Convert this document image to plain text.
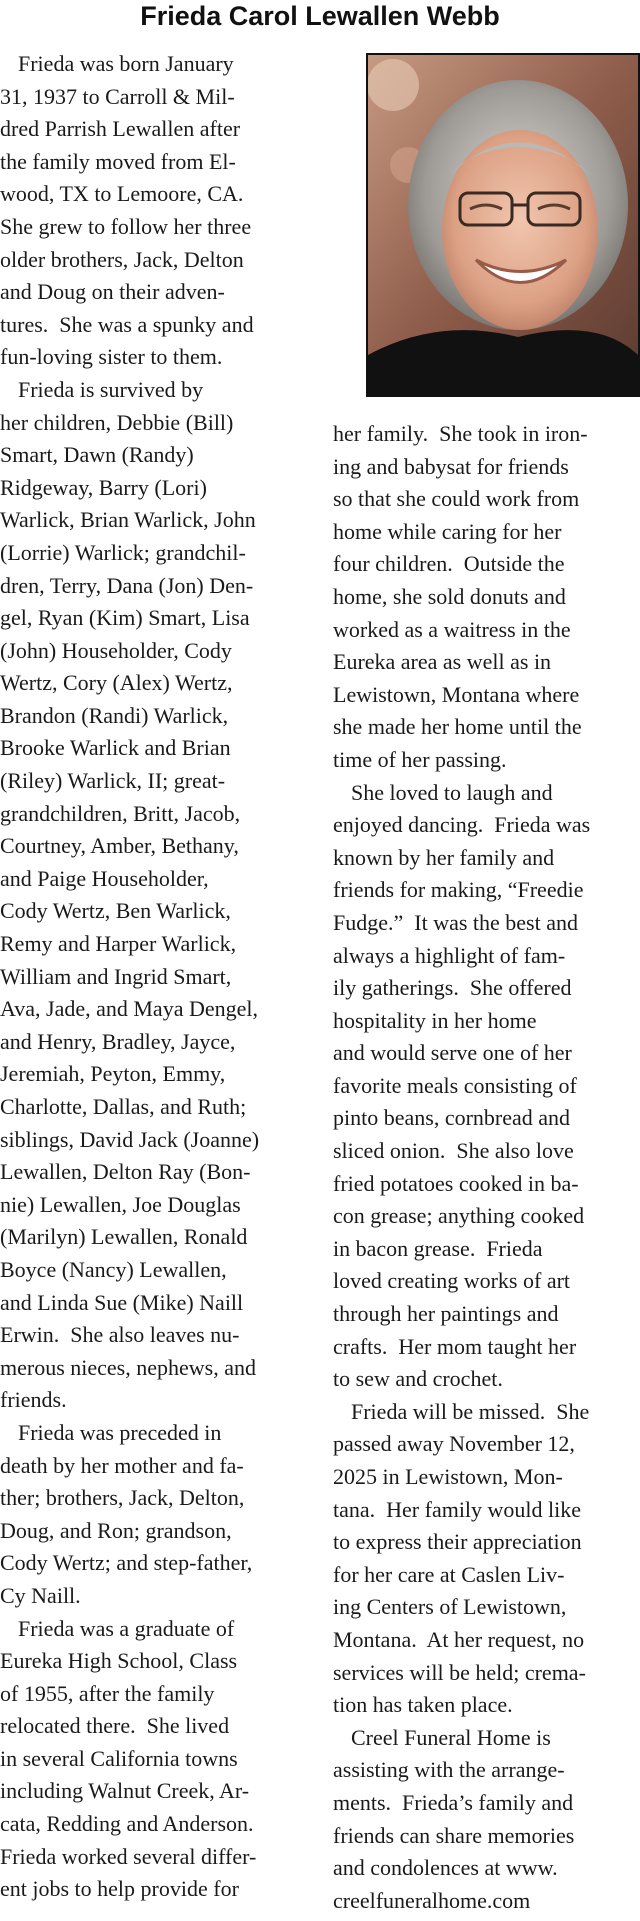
Frieda Carol Lewallen Webb
Frieda was born January
31, 1937 to Carroll & Mil-
dred Parrish Lewallen after
the family moved from El-
wood, TX to Lemoore, CA.
She grew to follow her three
older brothers, Jack, Delton
and Doug on their adven-
tures.  She was a spunky and
fun-loving sister to them.
Frieda is survived by
her children, Debbie (Bill)
Smart, Dawn (Randy)
Ridgeway, Barry (Lori)
Warlick, Brian Warlick, John
(Lorrie) Warlick; grandchil-
dren, Terry, Dana (Jon) Den-
gel, Ryan (Kim) Smart, Lisa
(John) Householder, Cody
Wertz, Cory (Alex) Wertz,
Brandon (Randi) Warlick,
Brooke Warlick and Brian
(Riley) Warlick, II; great-
grandchildren, Britt, Jacob,
Courtney, Amber, Bethany,
and Paige Householder,
Cody Wertz, Ben Warlick,
Remy and Harper Warlick,
William and Ingrid Smart,
Ava, Jade, and Maya Dengel,
and Henry, Bradley, Jayce,
Jeremiah, Peyton, Emmy,
Charlotte, Dallas, and Ruth;
siblings, David Jack (Joanne)
Lewallen, Delton Ray (Bon-
nie) Lewallen, Joe Douglas
(Marilyn) Lewallen, Ronald
Boyce (Nancy) Lewallen,
and Linda Sue (Mike) Naill
Erwin.  She also leaves nu-
merous nieces, nephews, and
friends.
Frieda was preceded in
death by her mother and fa-
ther; brothers, Jack, Delton,
Doug, and Ron; grandson,
Cody Wertz; and step-father,
Cy Naill.
Frieda was a graduate of
Eureka High School, Class
of 1955, after the family
relocated there.  She lived
in several California towns
including Walnut Creek, Ar-
cata, Redding and Anderson.
Frieda worked several differ-
ent jobs to help provide for
her family.  She took in iron-
ing and babysat for friends
so that she could work from
home while caring for her
four children.  Outside the
home, she sold donuts and
worked as a waitress in the
Eureka area as well as in
Lewistown, Montana where
she made her home until the
time of her passing.
She loved to laugh and
enjoyed dancing.  Frieda was
known by her family and
friends for making, “Freedie
Fudge.”  It was the best and
always a highlight of fam-
ily gatherings.  She offered
hospitality in her home
and would serve one of her
favorite meals consisting of
pinto beans, cornbread and
sliced onion.  She also love
fried potatoes cooked in ba-
con grease; anything cooked
in bacon grease.  Frieda
loved creating works of art
through her paintings and
crafts.  Her mom taught her
to sew and crochet.
Frieda will be missed.  She
passed away November 12,
2025 in Lewistown, Mon-
tana.  Her family would like
to express their appreciation
for her care at Caslen Liv-
ing Centers of Lewistown,
Montana.  At her request, no
services will be held; crema-
tion has taken place.
Creel Funeral Home is
assisting with the arrange-
ments.  Frieda’s family and
friends can share memories
and condolences at www.
creelfuneralhome.com
